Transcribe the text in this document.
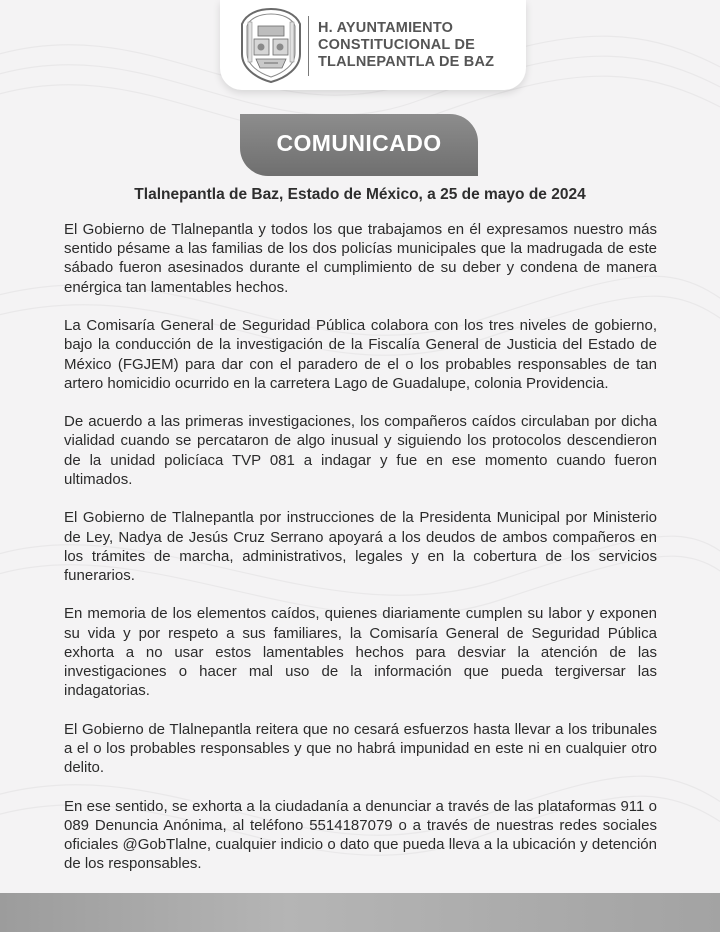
H. AYUNTAMIENTO
CONSTITUCIONAL DE
TLALNEPANTLA DE BAZ
COMUNICADO
Tlalnepantla de Baz, Estado de México, a 25 de mayo de 2024

El Gobierno de Tlalnepantla y todos los que trabajamos en él expresamos nuestro más sentido pésame a las familias de los dos policías municipales que la madrugada de este sábado fueron asesinados durante el cumplimiento de su deber y condena de manera enérgica tan lamentables hechos.

La Comisaría General de Seguridad Pública colabora con los tres niveles de gobierno, bajo la conducción de la investigación de la Fiscalía General de Justicia del Estado de México (FGJEM) para dar con el paradero de el o los probables responsables de tan artero homicidio ocurrido en la carretera Lago de Guadalupe, colonia Providencia.

De acuerdo a las primeras investigaciones, los compañeros caídos circulaban por dicha vialidad cuando se percataron de algo inusual y siguiendo los protocolos descendieron de la unidad policíaca TVP 081 a indagar y fue en ese momento cuando fueron ultimados.

El Gobierno de Tlalnepantla por instrucciones de la Presidenta Municipal por Ministerio de Ley, Nadya de Jesús Cruz Serrano apoyará a los deudos de ambos compañeros en los trámites de marcha, administrativos, legales y en la cobertura de los servicios funerarios.

En memoria de los elementos caídos, quienes diariamente cumplen su labor y exponen su vida y por respeto a sus familiares, la Comisaría General de Seguridad Pública exhorta a no usar estos lamentables hechos para desviar la atención de las investigaciones o hacer mal uso de la información que pueda tergiversar las indagatorias.

El Gobierno de Tlalnepantla reitera que no cesará esfuerzos hasta llevar a los tribunales a el o los probables responsables y que no habrá impunidad en este ni en cualquier otro delito.

En ese sentido, se exhorta a la ciudadanía a denunciar a través de las plataformas 911 o 089 Denuncia Anónima, al teléfono 5514187079 o a través de nuestras redes sociales oficiales @GobTlalne, cualquier indicio o dato que pueda lleva a la ubicación y detención de los responsables.
